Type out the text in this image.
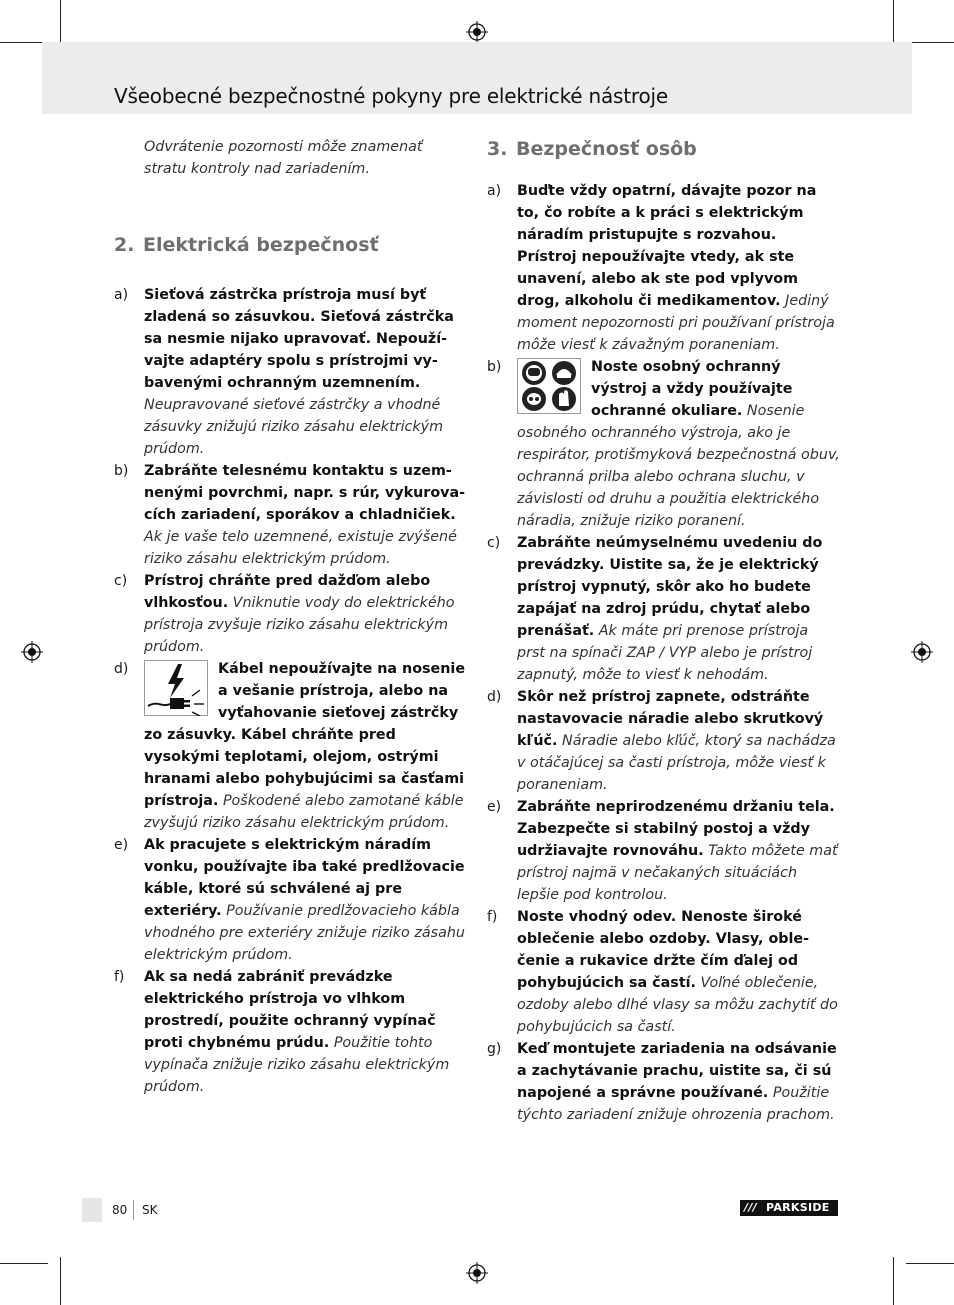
Všeobecné bezpečnostné pokyny pre elektrické nástroje
Odvrátenie pozornosti môže znamenať stratu kontroly nad zariadením.
2. Elektrická bezpečnosť
a)	Sieťová zástrčka prístroja musí byť zladená so zásuvkou. Sieťová zástrčka sa nesmie nijako upravovať. Nepoužívajte adaptéry spolu s prístrojmi vybavenými ochranným uzemnením. Neupravované sieťové zástrčky a vhodné zásuvky znižujú riziko zásahu elektrickým prúdom.
b)	Zabráňte telesnému kontaktu s uzemnenými povrchmi, napr. s rúr, vykurovacích zariadení, sporákov a chladničiek. Ak je vaše telo uzemnené, existuje zvýšené riziko zásahu elektrickým prúdom.
c)	Prístroj chráňte pred dažďom alebo vlhkosťou. Vniknutie vody do elektrického prístroja zvyšuje riziko zásahu elektrickým prúdom.
d)	Kábel nepoužívajte na nosenie a vešanie prístroja, alebo na vyťahovanie sieťovej zástrčky zo zásuvky. Kábel chráňte pred vysokými teplotami, olejom, ostrými hranami alebo pohybujúcimi sa časťami prístroja. Poškodené alebo zamotané káble zvyšujú riziko zásahu elektrickým prúdom.
e)	Ak pracujete s elektrickým náradím vonku, používajte iba také predlžovacie káble, ktoré sú schválené aj pre exteriéry. Používanie predlžovacieho kábla vhodného pre exteriéry znižuje riziko zásahu elektrickým prúdom.
f)	Ak sa nedá zabrániť prevádzke elektrického prístroja vo vlhkom prostredí, použite ochranný vypínač proti chybnému prúdu. Použitie tohto vypínača znižuje riziko zásahu elektrickým prúdom.
3. Bezpečnosť osôb
a)	Buďte vždy opatrní, dávajte pozor na to, čo robíte a k práci s elektrickým náradím pristupujte s rozvahou. Prístroj nepoužívajte vtedy, ak ste unavení, alebo ak ste pod vplyvom drog, alkoholu či medikamentov. Jediný moment nepozornosti pri používaní prístroja môže viesť k závažným poraneniam.
b)	Noste osobný ochranný výstroj a vždy používajte ochranné okuliare. Nosenie osobného ochranného výstroja, ako je respirátor, protišmyková bezpečnostná obuv, ochranná prilba alebo ochrana sluchu, v závislosti od druhu a použitia elektrického náradia, znižuje riziko poranení.
c)	Zabráňte neúmyselnému uvedeniu do prevádzky. Uistite sa, že je elektrický prístroj vypnutý, skôr ako ho budete zapájať na zdroj prúdu, chytať alebo prenášať. Ak máte pri prenose prístroja prst na spínači ZAP / VYP alebo je prístroj zapnutý, môže to viesť k nehodám.
d)	Skôr než prístroj zapnete, odstráňte nastavovacie náradie alebo skrutkový kľúč. Náradie alebo kľúč, ktorý sa nachádza v otáčajúcej sa časti prístroja, môže viesť k poraneniam.
e)	Zabráňte neprirodzenému držaniu tela. Zabezpečte si stabilný postoj a vždy udržiavajte rovnováhu. Takto môžete mať prístroj najmä v nečakaných situáciách lepšie pod kontrolou.
f)	Noste vhodný odev. Nenoste široké oblečenie alebo ozdoby. Vlasy, oblečenie a rukavice držte čím ďalej od pohybujúcich sa častí. Voľné oblečenie, ozdoby alebo dlhé vlasy sa môžu zachytiť do pohybujúcich sa častí.
g)	Keď montujete zariadenia na odsávanie a zachytávanie prachu, uistite sa, či sú napojené a správne používané. Použitie týchto zariadení znižuje ohrozenia prachom.
80 SK	/// PARKSIDE
